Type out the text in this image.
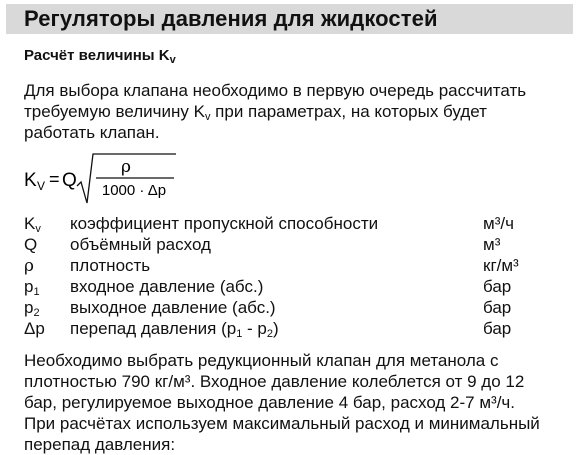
Регуляторы давления для жидкостей
Расчёт величины $K_v$
Для выбора клапана необходимо в первую очередь рассчитать
требуемую величину $K_v$ при параметрах, на которых будет
работать клапан.
K V = Q
ρ
1000 · Δp
$K_v$ коэффициент пропускной способности	м³/ч
Q объёмный расход	м³
ρ плотность	кг/м³
$p_1$ входное давление (абс.)	бар
$p_2$ выходное давление (абс.)	бар
Δp перепад давления $(p_1 - p_2)$	бар
Необходимо выбрать редукционный клапан для метанола с
плотностью 790 кг/м³. Входное давление колеблется от 9 до 12
бар, регулируемое выходное давление 4 бар, расход 2-7 м³/ч.
При расчётах используем максимальный расход и минимальный
перепад давления:
